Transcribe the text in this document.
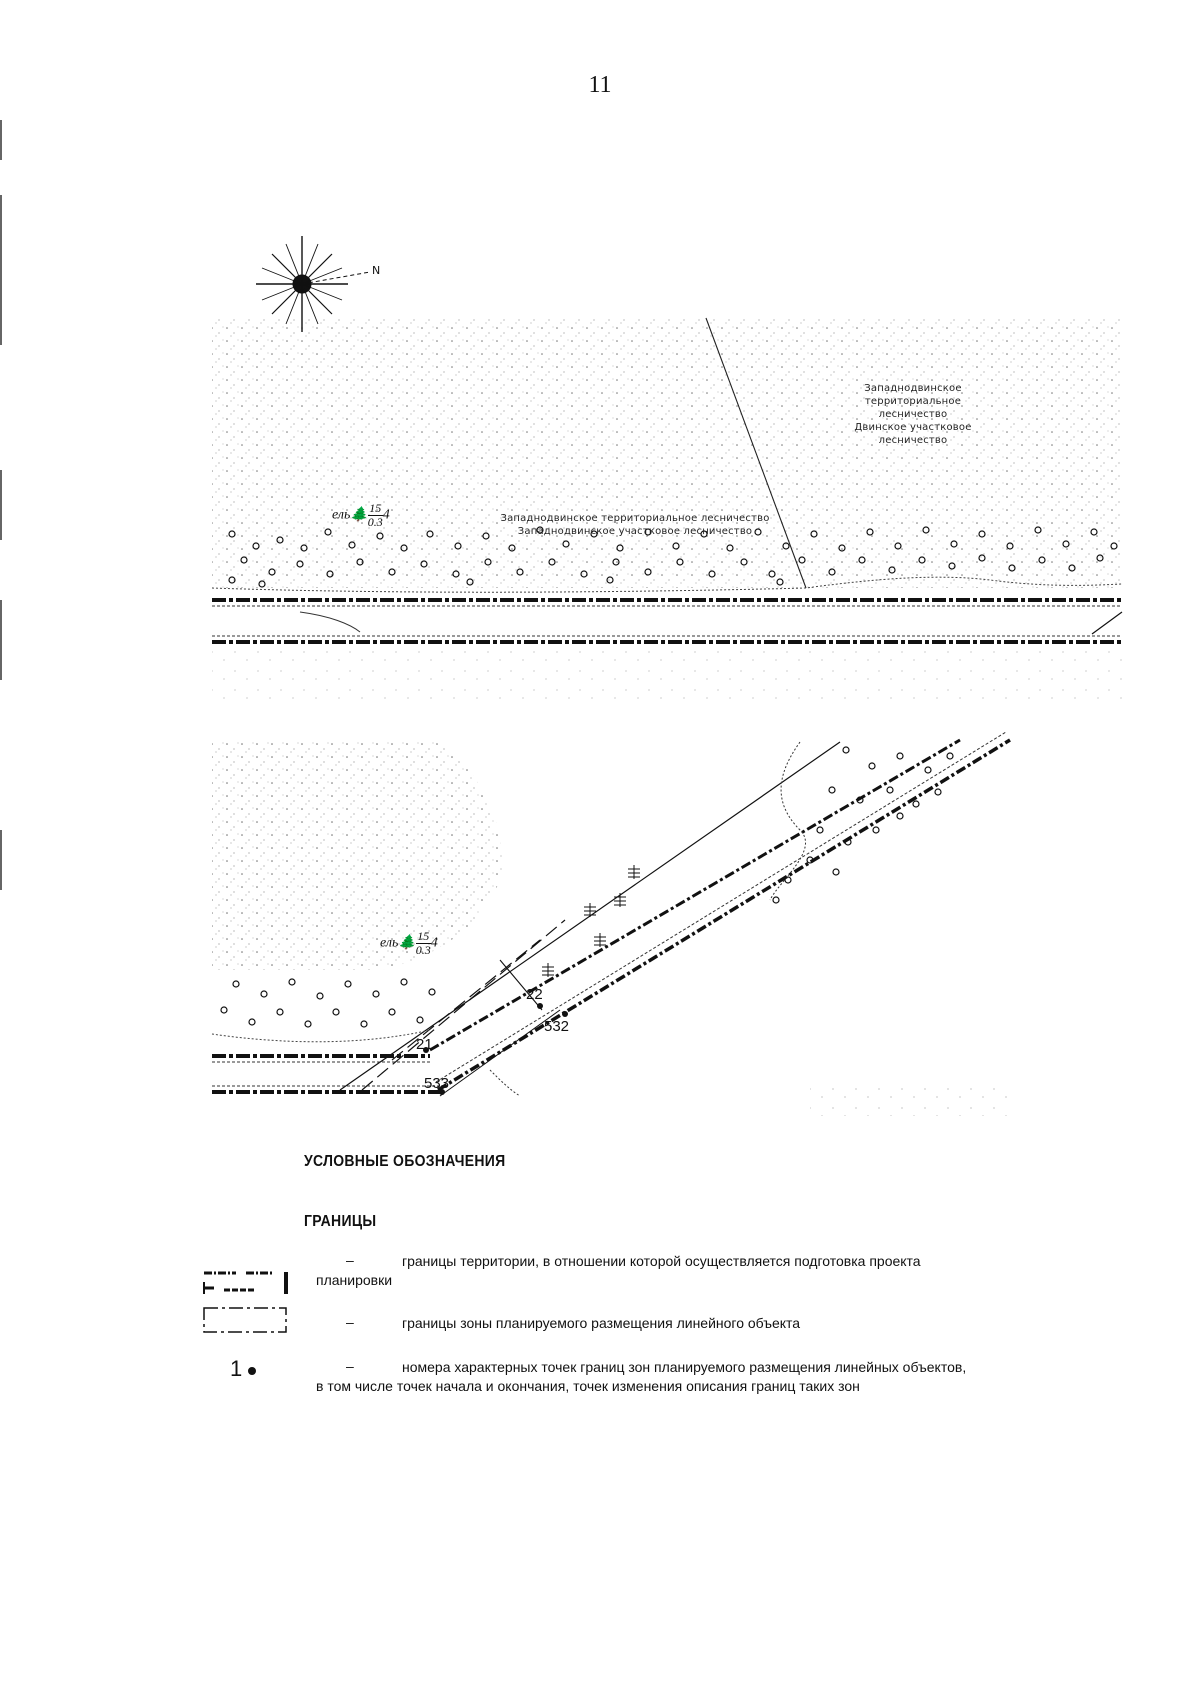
11
N
Западнодвинское
территориальное
лесничество
Двинское участковое
лесничество
Западнодвинское территориальное лесничество
Западнодвинское участковое лесничество
ель🌲 $\frac{15}{0.3}4$
ель🌲 $\frac{15}{0.3}4$
21
22
532
533
УСЛОВНЫЕ ОБОЗНАЧЕНИЯ
ГРАНИЦЫ
–	границы территории, в отношении которой осуществляется подготовка проекта
планировки
–	границы зоны планируемого размещения линейного объекта
1	–	номера характерных точек границ зон планируемого размещения линейных объектов,
в том числе точек начала и окончания, точек изменения описания границ таких зон
